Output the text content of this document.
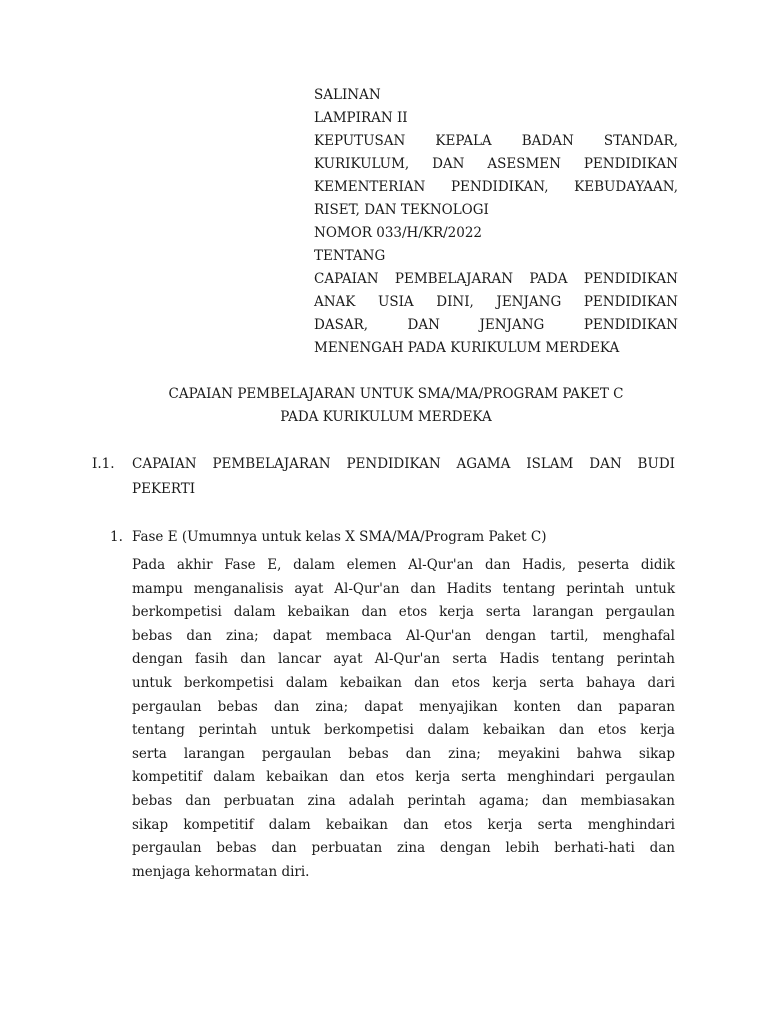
SALINAN
LAMPIRAN II
KEPUTUSAN KEPALA BADAN STANDAR,
KURIKULUM, DAN ASESMEN PENDIDIKAN
KEMENTERIAN PENDIDIKAN, KEBUDAYAAN,
RISET, DAN TEKNOLOGI
NOMOR 033/H/KR/2022
TENTANG
CAPAIAN PEMBELAJARAN PADA PENDIDIKAN
ANAK USIA DINI, JENJANG PENDIDIKAN
DASAR, DAN JENJANG PENDIDIKAN
MENENGAH PADA KURIKULUM MERDEKA
CAPAIAN PEMBELAJARAN UNTUK SMA/MA/PROGRAM PAKET C
PADA KURIKULUM MERDEKA
I.1. CAPAIAN PEMBELAJARAN PENDIDIKAN AGAMA ISLAM DAN BUDI
PEKERTI
1. Fase E (Umumnya untuk kelas X SMA/MA/Program Paket C)
Pada akhir Fase E, dalam elemen Al-Qur'an dan Hadis, peserta didik
mampu menganalisis ayat Al-Qur'an dan Hadits tentang perintah untuk
berkompetisi dalam kebaikan dan etos kerja serta larangan pergaulan
bebas dan zina; dapat membaca Al-Qur'an dengan tartil, menghafal
dengan fasih dan lancar ayat Al-Qur'an serta Hadis tentang perintah
untuk berkompetisi dalam kebaikan dan etos kerja serta bahaya dari
pergaulan bebas dan zina; dapat menyajikan konten dan paparan
tentang perintah untuk berkompetisi dalam kebaikan dan etos kerja
serta larangan pergaulan bebas dan zina; meyakini bahwa sikap
kompetitif dalam kebaikan dan etos kerja serta menghindari pergaulan
bebas dan perbuatan zina adalah perintah agama; dan membiasakan
sikap kompetitif dalam kebaikan dan etos kerja serta menghindari
pergaulan bebas dan perbuatan zina dengan lebih berhati-hati dan
menjaga kehormatan diri.
